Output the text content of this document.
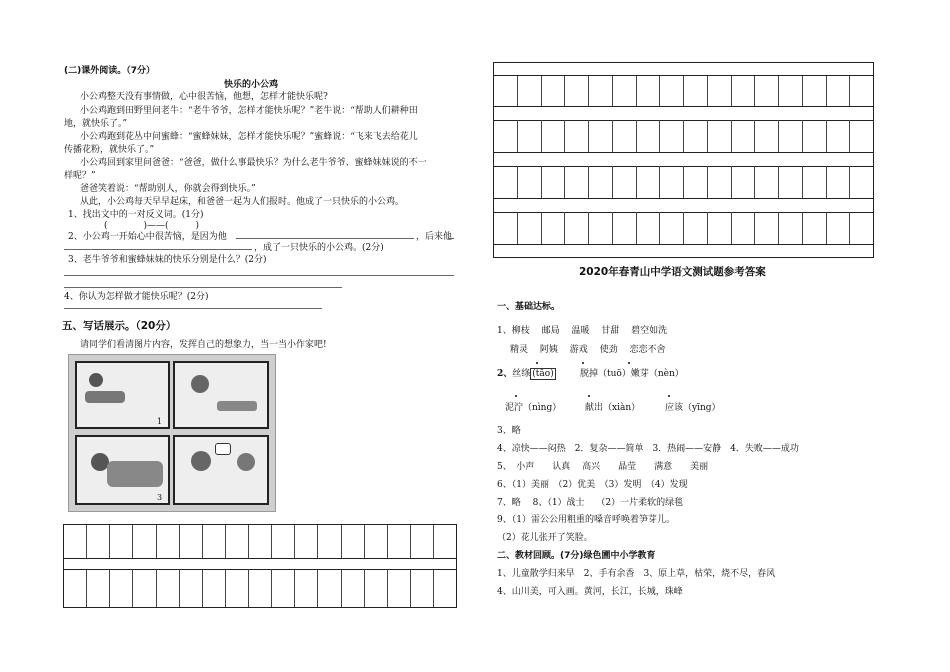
(二)课外阅读。（7分）
快乐的小公鸡
小公鸡整天没有事情做，心中很苦恼，他想，怎样才能快乐呢?
小公鸡跑到田野里问老牛：“老牛爷爷，怎样才能快乐呢？”老牛说：“帮助人们耕种田
地，就快乐了。”
小公鸡跑到花丛中问蜜蜂：“蜜蜂妹妹，怎样才能快乐呢？”蜜蜂说：“飞来飞去给花儿
传播花粉，就快乐了。”
小公鸡回到家里问爸爸：“爸爸，做什么事最快乐？为什么老牛爷爷、蜜蜂妹妹说的不一
样呢？”
爸爸笑着说：“帮助别人，你就会得到快乐。”
从此，小公鸡每天早早起床，和爸爸一起为人们报时。他成了一只快乐的小公鸡。
1、找出文中的一对反义词。(1分)
(　　　　)——(　　　)
2、小公鸡一开始心中很苦恼，是因为他	，后来他
，成了一只快乐的小公鸡。(2分)
3、老牛爷爷和蜜蜂妹妹的快乐分别是什么？(2分)
4、你认为怎样做才能快乐呢？(2分)
五、写话展示。（20分）
请同学们看清图片内容，发挥自己的想象力，当一当小作家吧!
1
3
2020年春青山中学语文测试题参考答案
一、基础达标。
1、柳枝　 邮局　 温暖　 甘甜　 碧空如洗
精灵　 阿姨　 游戏　 使劲　 恋恋不舍
2、丝绦 (tāo)	脱掉（tuō）嫩芽（nèn）
泥泞（nìng）	献出（xiàn）	应该（yīng）
3、略
4、凉快——闷热　2．复杂——简单　3．热闹——安静　4．失败——成功
5、　小声　　认真　 高兴　　晶莹　　满意　　美丽
6、（1）美丽　（2）优美　（3）发明　（4）发现
7、略　 8、（1）战士　 （2）一片柔软的绿毯
9、（1）雷公公用粗重的嗓音呼唤着笋芽儿。
（2）花儿张开了笑脸。
二、教材回顾。(7分)绿色圃中小学教育
1、儿童散学归来早　2、手有余香　3、原上草，枯荣，烧不尽，春风
4、山川美，可入画。黄河，长江，长城，珠峰
